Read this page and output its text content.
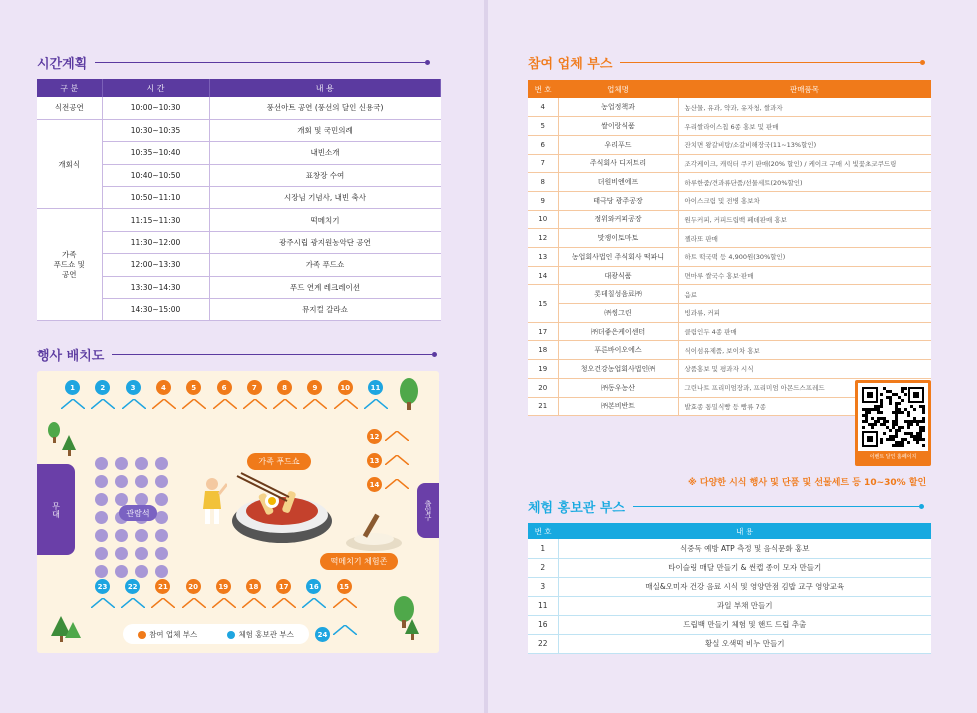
시간계획
구 분	시 간	내 용
식전공연	10:00~10:30	풍선아트 공연 (풍선의 달인 신용국)
개회식	10:30~10:35	개회 및 국민의례
	10:35~10:40	내빈소개
	10:40~10:50	표창장 수여
	10:50~11:10	시장님 기념사, 내빈 축사
가족
푸드쇼 및
공연	11:15~11:30	떡메치기
	11:30~12:00	광주시립 광지원농악단 공연
	12:00~13:30	가족 푸드쇼
	13:30~14:30	푸드 연계 레크레이션
	14:30~15:00	뮤지컬 갈라쇼
행사 배치도
1	2	3	4	5	6	7	8	9	10	11
12
13
14
23	22	21	20	19	18	17	16	15
무대	출입구
관람석
가족 푸드쇼
떡메치기 체험존
참여 업체 부스	체험 홍보관 부스	24
참여 업체 부스
번 호	업체명	판매품목
4	농업정책과	농산물, 유과, 약과, 유자청, 쌀과자
5	쌀이랑식품	우리쌀라이스칩 6종 홍보 및 판매
6	우리푸드	잔치면 왕갈비탕/소갈비해장국(11~13%할인)
7	주식회사 디저트리	조각케이크, 캐릭터 쿠키 판매(20% 할인) / 케이크 구매 시 빛꽃초코쿠드링
8	더원비엔에프	하루한줌/견과류단품/선물세트(20%할인)
9	태극당 광주공장	아이스크림 및 전병 홍보차
10	정위와커피공장	원두커피, 커피드립백 페데판매 홍보
12	맛쟁이토마토	젤라또 판매
13	농업회사법인 주식회사 떡파니	하트 떡국떡 등 4,900원(30%할인)
14	대광식품	면마루 쌀국수 홍보·판매
15	롯데칠성음료㈜	음료
	㈜씽그린	빙과류, 커피
17	㈜더좋은케이센터	클림인두 4종 판매
18	푸른바이오에스	식이섬유제품, 보이차 홍보
19	청오건강농업회사법인㈜	상품홍보 및 평과자 시식
20	㈜동우농산	그린나트 프리미엄장과, 프리미엄 아몬드스프레드
21	㈜본비반트	발효종 통밀식빵 등 빵류 7종
이벤트 달인 홈페이지
※ 다양한 시식 행사 및 단품 및 선물세트 등 10~30% 할인
체험 홍보관 부스
번 호	내 용
1	식중독 예방 ATP 측정 및 음식문화 홍보
2	타이슬링 매달 만들기 & 썬캡 종이 모자 만들기
3	매실&오미자 건강 음료 시식 및 영양만점 김밥 교구 영양교육
11	과일 부채 만들기
16	드립백 만들기 체험 및 핸드 드립 추출
22	황실 오색떡 비누 만들기
